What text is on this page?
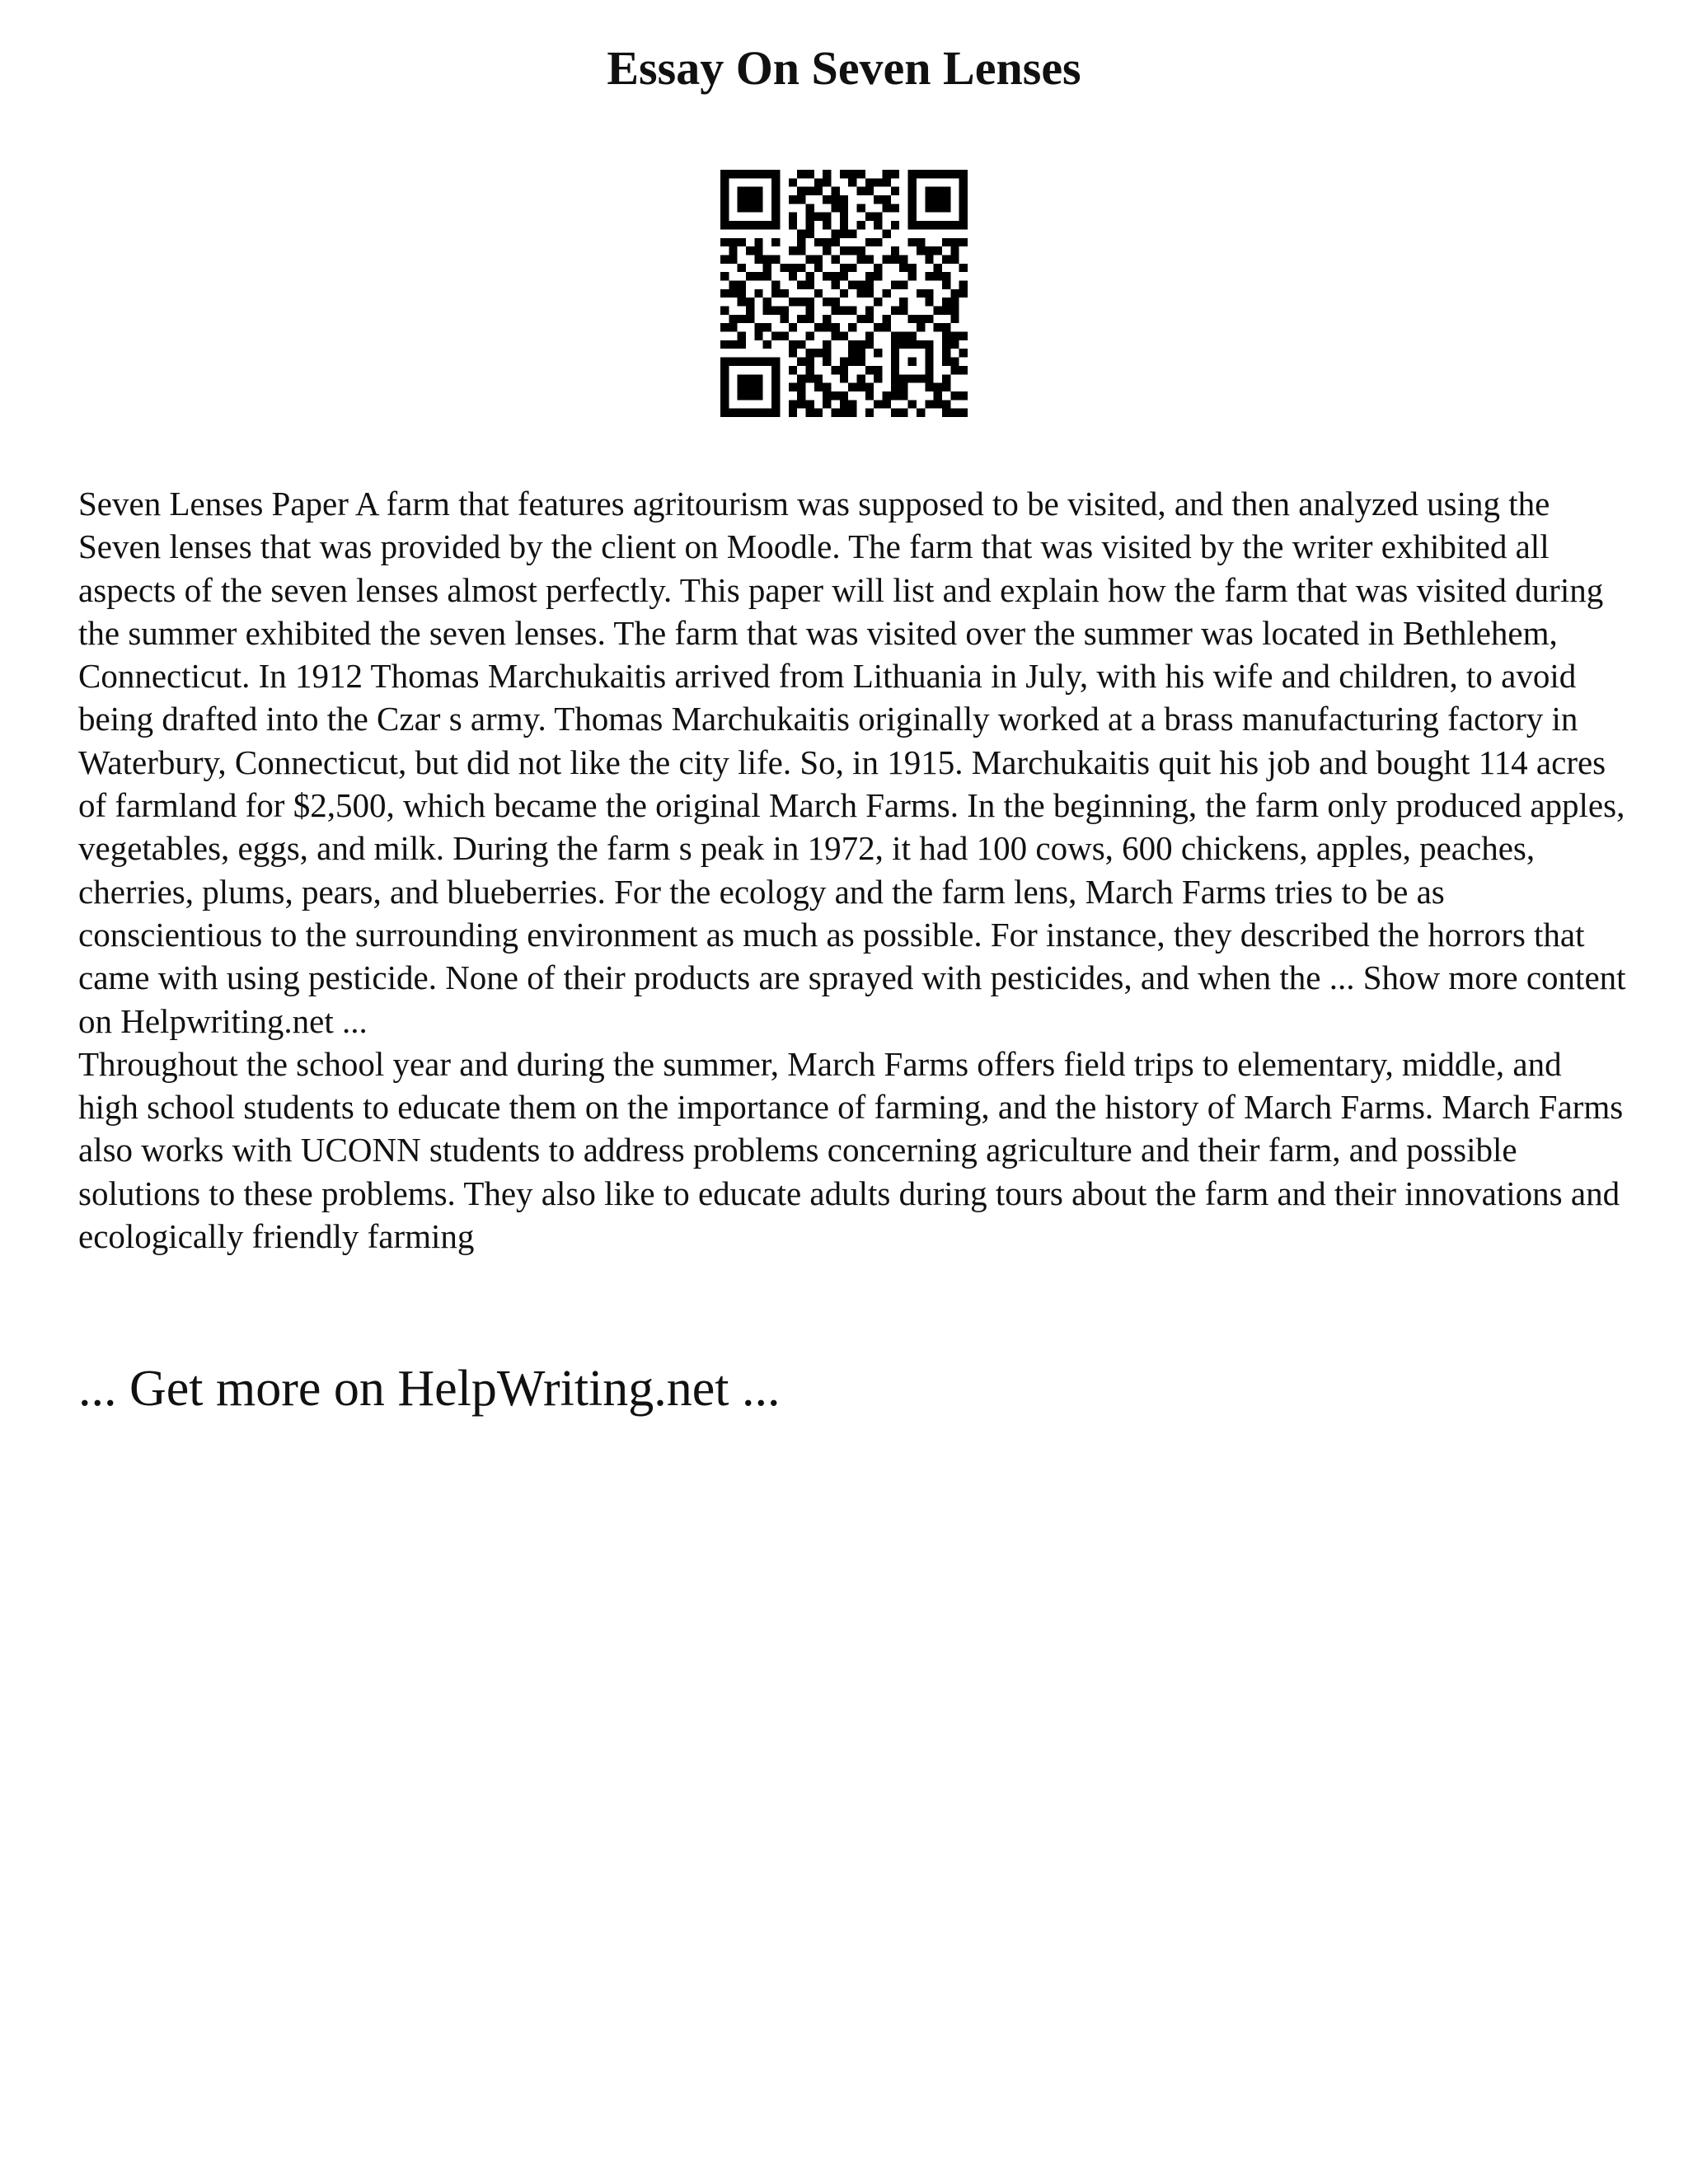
Essay On Seven Lenses

Seven Lenses Paper A farm that features agritourism was supposed to be visited, and then analyzed using the Seven lenses that was provided by the client on Moodle. The farm that was visited by the writer exhibited all aspects of the seven lenses almost perfectly. This paper will list and explain how the farm that was visited during the summer exhibited the seven lenses. The farm that was visited over the summer was located in Bethlehem, Connecticut. In 1912 Thomas Marchukaitis arrived from Lithuania in July, with his wife and children, to avoid being drafted into the Czar s army. Thomas Marchukaitis originally worked at a brass manufacturing factory in Waterbury, Connecticut, but did not like the city life. So, in 1915. Marchukaitis quit his job and bought 114 acres of farmland for $2,500, which became the original March Farms. In the beginning, the farm only produced apples, vegetables, eggs, and milk. During the farm s peak in 1972, it had 100 cows, 600 chickens, apples, peaches, cherries, plums, pears, and blueberries. For the ecology and the farm lens, March Farms tries to be as conscientious to the surrounding environment as much as possible. For instance, they described the horrors that came with using pesticide. None of their products are sprayed with pesticides, and when the ... Show more content on Helpwriting.net ...

Throughout the school year and during the summer, March Farms offers field trips to elementary, middle, and high school students to educate them on the importance of farming, and the history of March Farms. March Farms also works with UCONN students to address problems concerning agriculture and their farm, and possible solutions to these problems. They also like to educate adults during tours about the farm and their innovations and ecologically friendly farming

... Get more on HelpWriting.net ...
